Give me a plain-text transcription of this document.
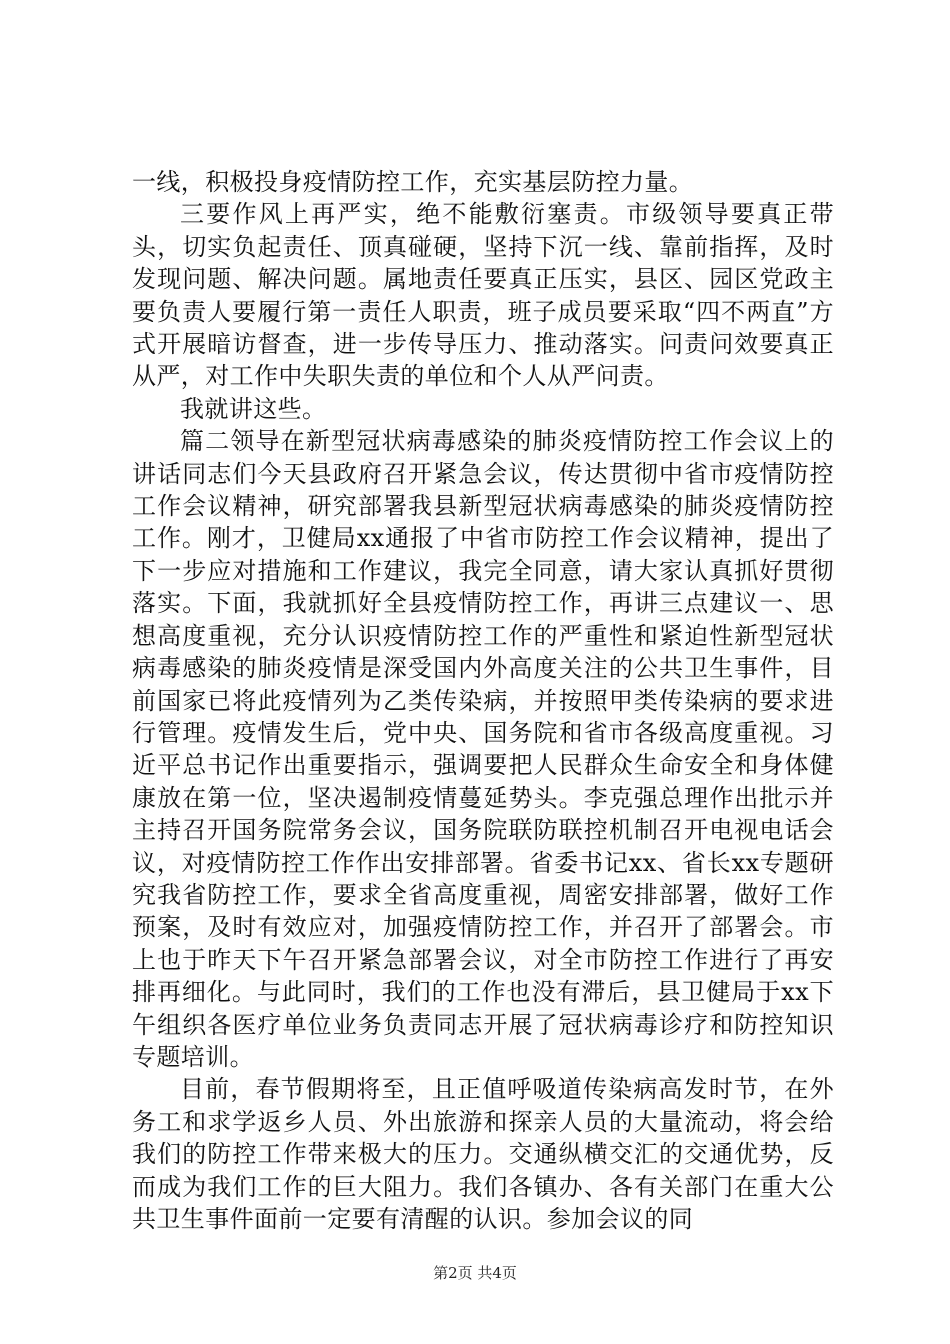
一线，积极投身疫情防控工作，充实基层防控力量。

三要作风上再严实，绝不能敷衍塞责。市级领导要真正带头，切实负起责任、顶真碰硬，坚持下沉一线、靠前指挥，及时发现问题、解决问题。属地责任要真正压实，县区、园区党政主要负责人要履行第一责任人职责，班子成员要采取“四不两直”方式开展暗访督查，进一步传导压力、推动落实。问责问效要真正从严，对工作中失职失责的单位和个人从严问责。

我就讲这些。

篇二领导在新型冠状病毒感染的肺炎疫情防控工作会议上的讲话同志们今天县政府召开紧急会议，传达贯彻中省市疫情防控工作会议精神，研究部署我县新型冠状病毒感染的肺炎疫情防控工作。刚才，卫健局xx通报了中省市防控工作会议精神，提出了下一步应对措施和工作建议，我完全同意，请大家认真抓好贯彻落实。下面，我就抓好全县疫情防控工作，再讲三点建议一、思想高度重视，充分认识疫情防控工作的严重性和紧迫性新型冠状病毒感染的肺炎疫情是深受国内外高度关注的公共卫生事件，目前国家已将此疫情列为乙类传染病，并按照甲类传染病的要求进行管理。疫情发生后，党中央、国务院和省市各级高度重视。习近平总书记作出重要指示，强调要把人民群众生命安全和身体健康放在第一位，坚决遏制疫情蔓延势头。李克强总理作出批示并主持召开国务院常务会议，国务院联防联控机制召开电视电话会议，对疫情防控工作作出安排部署。省委书记xx、省长xx专题研究我省防控工作，要求全省高度重视，周密安排部署，做好工作预案，及时有效应对，加强疫情防控工作，并召开了部署会。市上也于昨天下午召开紧急部署会议，对全市防控工作进行了再安排再细化。与此同时，我们的工作也没有滞后，县卫健局于xx下午组织各医疗单位业务负责同志开展了冠状病毒诊疗和防控知识专题培训。

目前，春节假期将至，且正值呼吸道传染病高发时节，在外务工和求学返乡人员、外出旅游和探亲人员的大量流动，将会给我们的防控工作带来极大的压力。交通纵横交汇的交通优势，反而成为我们工作的巨大阻力。我们各镇办、各有关部门在重大公共卫生事件面前一定要有清醒的认识。参加会议的同

第2页 共4页
